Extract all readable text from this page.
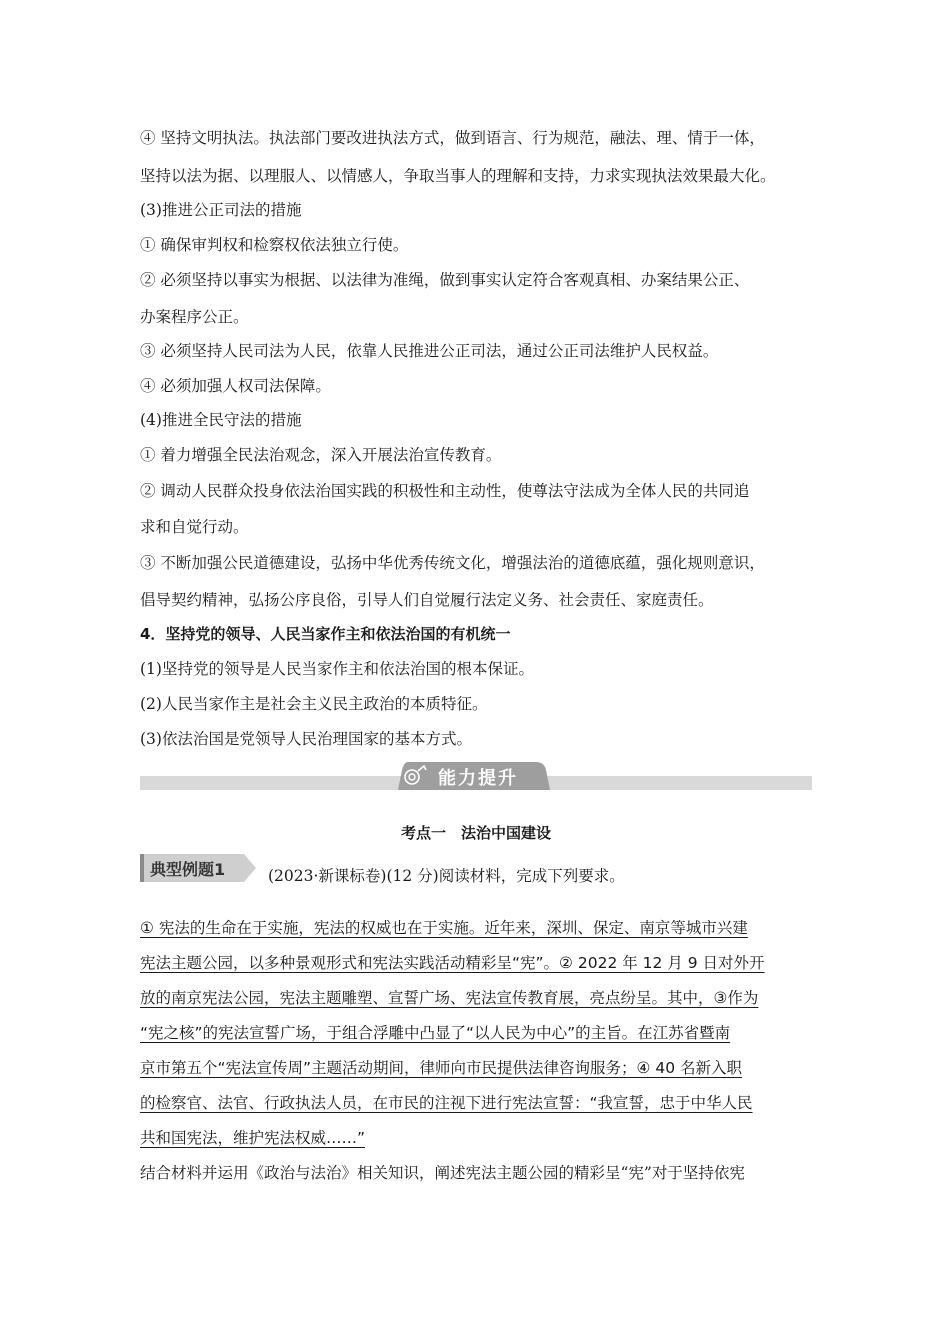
④ 坚持文明执法。执法部门要改进执法方式，做到语言、行为规范，融法、理、情于一体，
坚持以法为据、以理服人、以情感人，争取当事人的理解和支持，力求实现执法效果最大化。
(3)推进公正司法的措施
① 确保审判权和检察权依法独立行使。
② 必须坚持以事实为根据、以法律为准绳，做到事实认定符合客观真相、办案结果公正、
办案程序公正。
③ 必须坚持人民司法为人民，依靠人民推进公正司法，通过公正司法维护人民权益。
④ 必须加强人权司法保障。
(4)推进全民守法的措施
① 着力增强全民法治观念，深入开展法治宣传教育。
② 调动人民群众投身依法治国实践的积极性和主动性，使尊法守法成为全体人民的共同追
求和自觉行动。
③ 不断加强公民道德建设，弘扬中华优秀传统文化，增强法治的道德底蕴，强化规则意识，
倡导契约精神，弘扬公序良俗，引导人们自觉履行法定义务、社会责任、家庭责任。
4．坚持党的领导、人民当家作主和依法治国的有机统一
(1)坚持党的领导是人民当家作主和依法治国的根本保证。
(2)人民当家作主是社会主义民主政治的本质特征。
(3)依法治国是党领导人民治理国家的基本方式。
能力提升
考点一　法治中国建设
典型例题1	(2023·新课标卷)(12 分)阅读材料，完成下列要求。
① 宪法的生命在于实施，宪法的权威也在于实施。近年来，深圳、保定、南京等城市兴建
宪法主题公园，以多种景观形式和宪法实践活动精彩呈“宪”。② 2022 年 12 月 9 日对外开
放的南京宪法公园，宪法主题雕塑、宣誓广场、宪法宣传教育展，亮点纷呈。其中，③作为
“宪之核”的宪法宣誓广场，于组合浮雕中凸显了“以人民为中心”的主旨。在江苏省暨南
京市第五个“宪法宣传周”主题活动期间，律师向市民提供法律咨询服务；④ 40 名新入职
的检察官、法官、行政执法人员，在市民的注视下进行宪法宣誓：“我宣誓，忠于中华人民
共和国宪法，维护宪法权威……”
结合材料并运用《政治与法治》相关知识，阐述宪法主题公园的精彩呈“宪”对于坚持依宪
